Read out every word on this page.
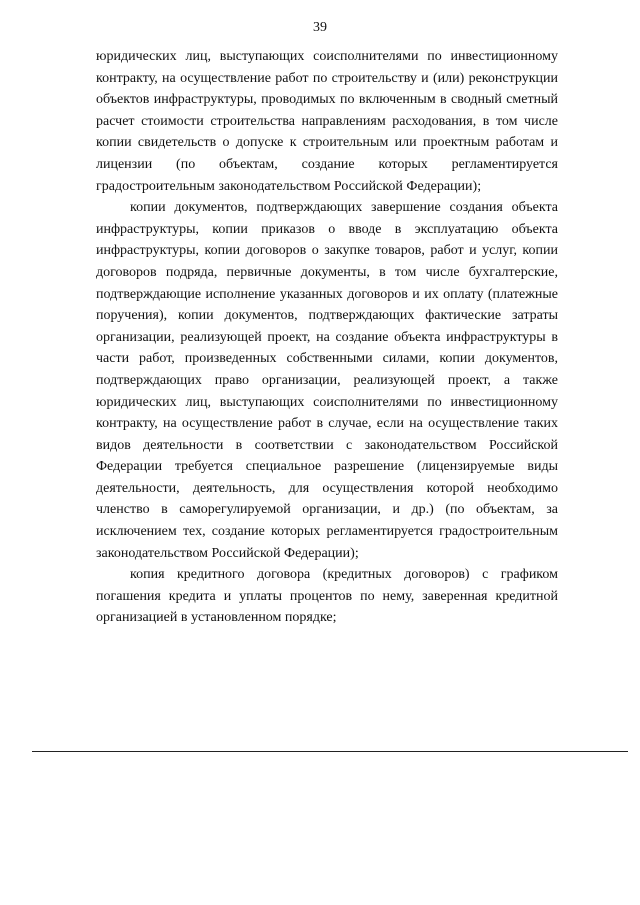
39

юридических лиц, выступающих соисполнителями по инвестиционному контракту, на осуществление работ по строительству и (или) реконструкции объектов инфраструктуры, проводимых по включенным в сводный сметный расчет стоимости строительства направлениям расходования, в том числе копии свидетельств о допуске к строительным или проектным работам и лицензии (по объектам, создание которых регламентируется градостроительным законодательством Российской Федерации);

копии документов, подтверждающих завершение создания объекта инфраструктуры, копии приказов о вводе в эксплуатацию объекта инфраструктуры, копии договоров о закупке товаров, работ и услуг, копии договоров подряда, первичные документы, в том числе бухгалтерские, подтверждающие исполнение указанных договоров и их оплату (платежные поручения), копии документов, подтверждающих фактические затраты организации, реализующей проект, на создание объекта инфраструктуры в части работ, произведенных собственными силами, копии документов, подтверждающих право организации, реализующей проект, а также юридических лиц, выступающих соисполнителями по инвестиционному контракту, на осуществление работ в случае, если на осуществление таких видов деятельности в соответствии с законодательством Российской Федерации требуется специальное разрешение (лицензируемые виды деятельности, деятельность, для осуществления которой необходимо членство в саморегулируемой организации, и др.) (по объектам, за исключением тех, создание которых регламентируется градостроительным законодательством Российской Федерации);

копия кредитного договора (кредитных договоров) с графиком погашения кредита и уплаты процентов по нему, заверенная кредитной организацией в установленном порядке;
